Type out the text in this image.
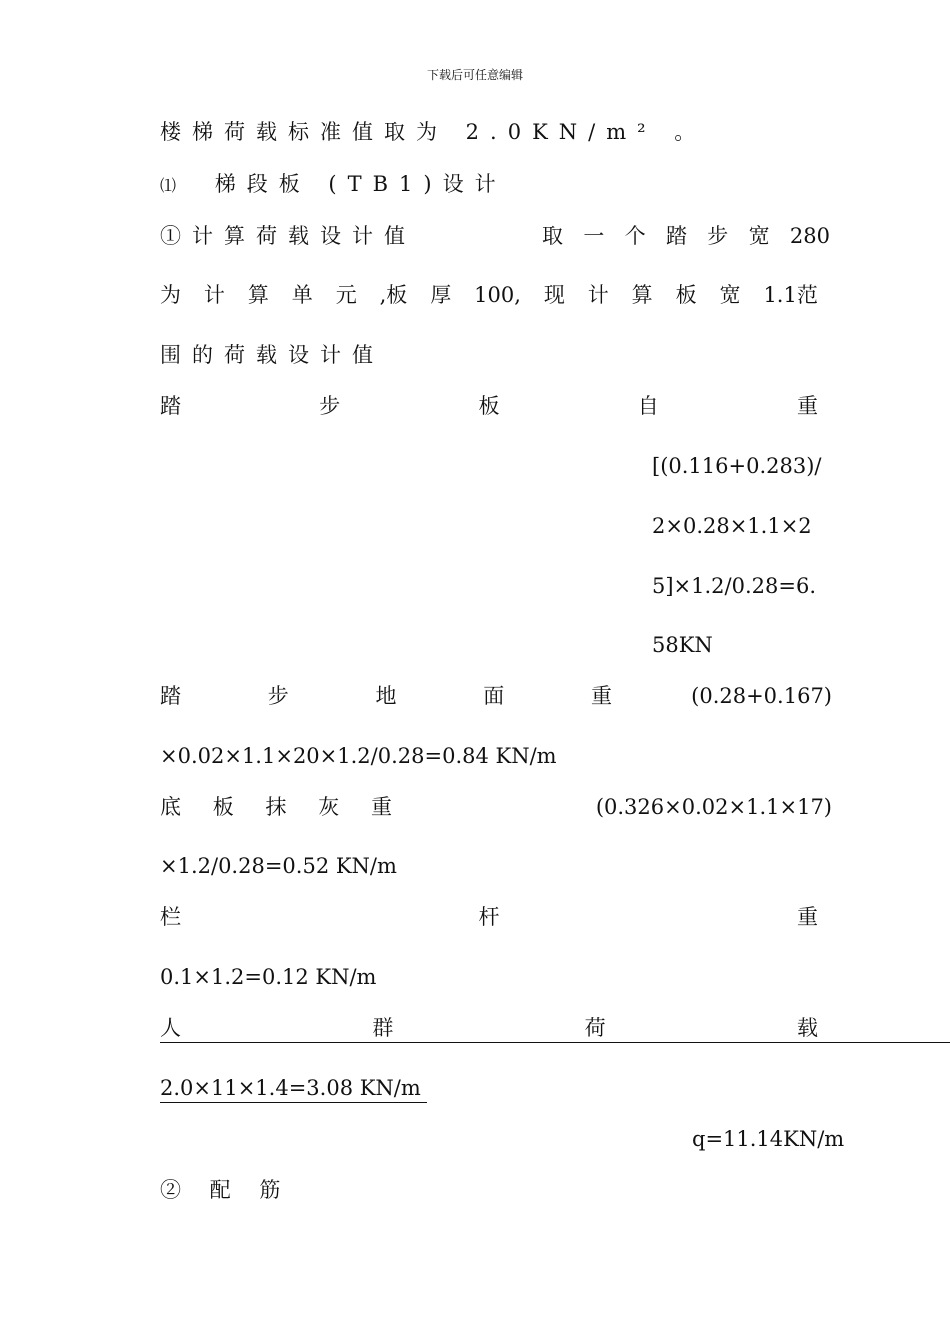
下载后可任意编辑
楼梯荷载标准值取为 2.0KN/m² 。
⑴ 梯段板 (TB1)设计
①计算荷载设计值	取 一 个 踏 步 宽 280
为 计 算 单 元 ,板 厚 100, 现 计 算 板 宽 1.1范
围的荷载设计值
踏	步	板	自	重
[(0.116+0.283)/
2×0.28×1.1×2
5]×1.2/0.28=6.
58KN
踏	步	地	面	重	(0.28+0.167)
×0.02×1.1×20×1.2/0.28=0.84 KN/m
底 板 抹 灰 重	(0.326×0.02×1.1×17)
×1.2/0.28=0.52 KN/m
栏	杆	重
0.1×1.2=0.12 KN/m
人	群	荷	载
2.0×11×1.4=3.08 KN/m
q=11.14KN/m
② 配 筋
